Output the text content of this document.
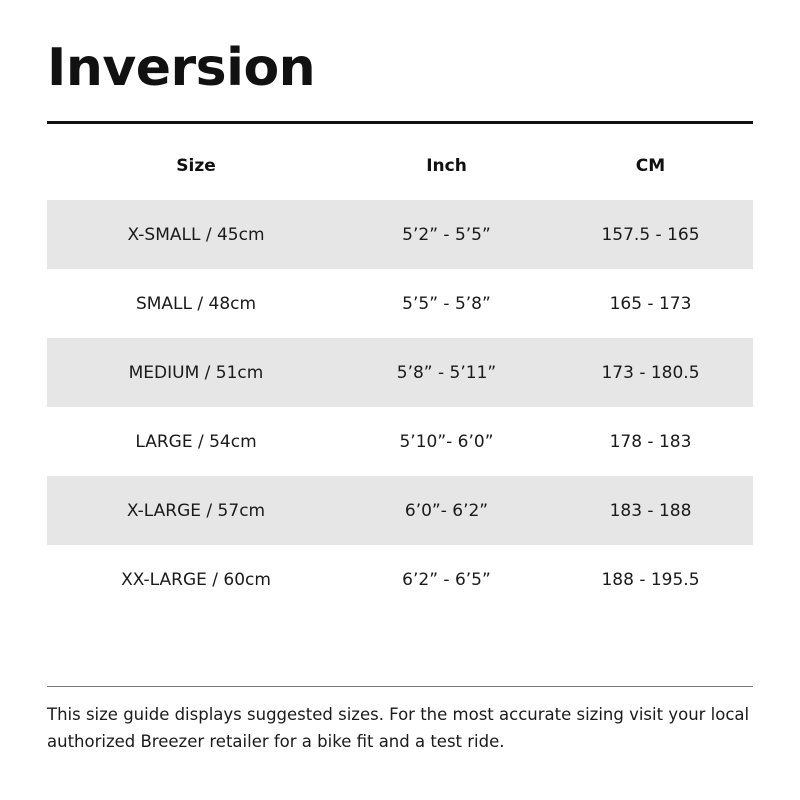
Inversion
Size	Inch	CM
X-SMALL / 45cm	5’2” - 5’5”	157.5 - 165
SMALL / 48cm	5’5” - 5’8”	165 - 173
MEDIUM / 51cm	5’8” - 5’11”	173 - 180.5
LARGE / 54cm	5’10”- 6’0”	178 - 183
X-LARGE / 57cm	6’0”- 6’2”	183 - 188
XX-LARGE / 60cm	6’2” - 6’5”	188 - 195.5

This size guide displays suggested sizes. For the most accurate sizing visit your local authorized Breezer retailer for a bike fit and a test ride.
